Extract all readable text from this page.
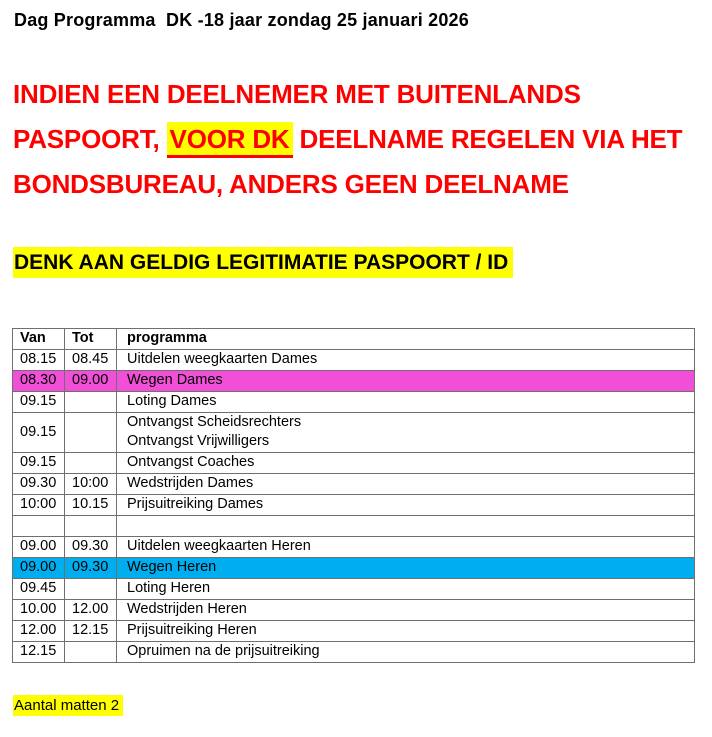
Dag Programma  DK -18 jaar zondag 25 januari 2026
INDIEN EEN DEELNEMER MET BUITENLANDS
PASPOORT, VOOR DK DEELNAME REGELEN VIA HET
BONDSBUREAU, ANDERS GEEN DEELNAME
DENK AAN GELDIG LEGITIMATIE PASPOORT / ID
Van	Tot	programma
08.15	08.45	Uitdelen weegkaarten Dames
08.30	09.00	Wegen Dames
09.15		Loting Dames
09.15		Ontvangst Scheidsrechters
Ontvangst Vrijwilligers
09.15		Ontvangst Coaches
09.30	10:00	Wedstrijden Dames
10:00	10.15	Prijsuitreiking Dames

09.00	09.30	Uitdelen weegkaarten Heren
09.00	09.30	Wegen Heren
09.45		Loting Heren
10.00	12.00	Wedstrijden Heren
12.00	12.15	Prijsuitreiking Heren
12.15		Opruimen na de prijsuitreiking
Aantal matten 2
